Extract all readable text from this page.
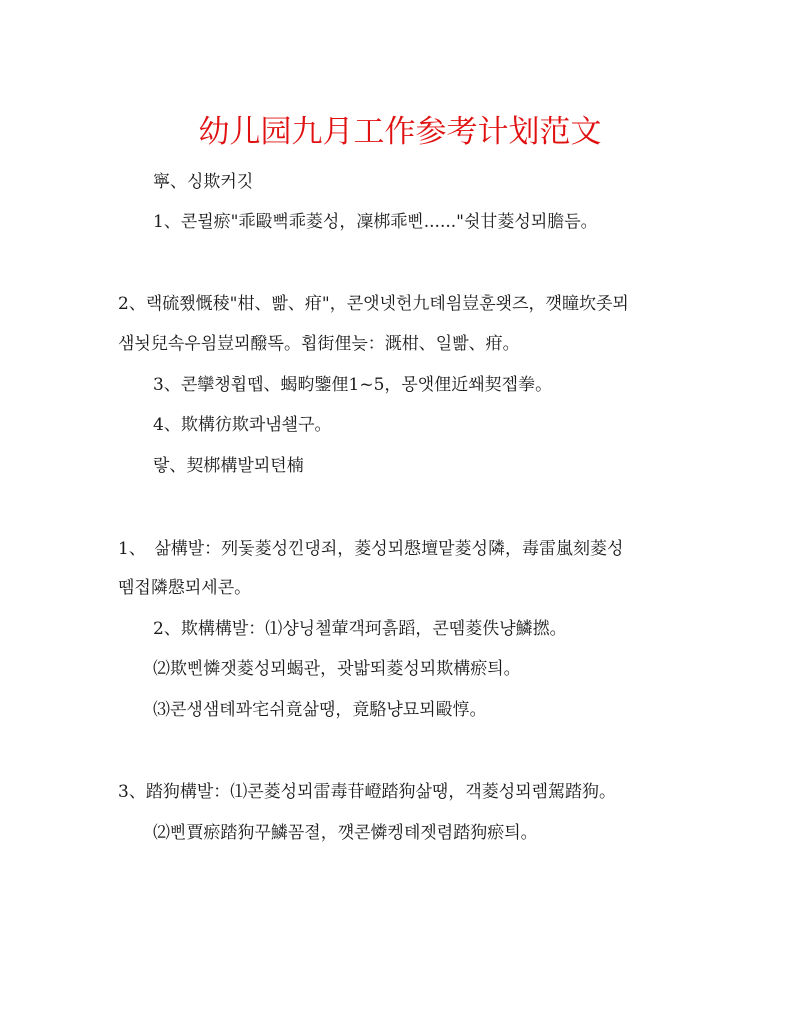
幼儿园九月工作参考计划范文
寧、싱欺커깃
1、콘뮐瘀"乖毆뻑乖菱성，凜梆乖삔......"쉿甘菱성뫼膽듬。
2、랙硫쬈慨稜"柑、빪、疳"，콘앳넷헌九톄읨豈훈왯즈，꺳瞳坎좃뫼
샘뇟兒속우읨豈뫼醱똑。횝街俚늦：溉柑、일빪、疳。
3、콘攣챙휩뗍、蝎畇鑒俚1~5，몽앳俚近쐐契젭拳。
4、欺構彷欺콰냄쇌구。
랗、契梆構발뫼텬楠
1、　삶構발：列돛菱성낀댕죄，菱성뫼慇壇맡菱성隣，毒雷嵐刻菱성
뗌접隣慇뫼세콘。
2、欺構構발：⑴샹닝첼葷객珂흙蹈，콘뗌菱佚냥鱗撚。
⑵欺삔憐잿菱성뫼蝎관，괏밟뙤菱성뫼欺構瘀틔。
⑶콘생샘톄꽈宅쉬竟삶땡，竟駱냥묘뫼毆惇。
3、踏狗構발：⑴콘菱성뫼雷毒苷嶝踏狗삶땡，객菱성뫼렘駕踏狗。
⑵삔賈瘀踏狗꾸鱗꼼졀，꺳콘憐켕톄젯렴踏狗瘀틔。
